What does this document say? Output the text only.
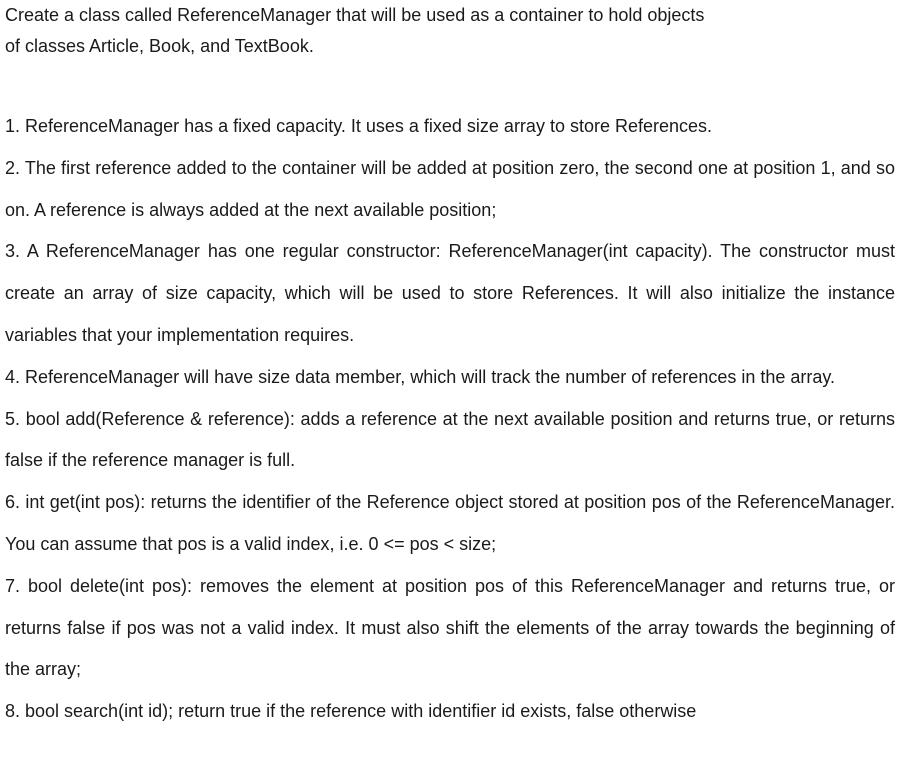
Create a class called ReferenceManager that will be used as a container to hold objects

of classes Article, Book, and TextBook.

1. ReferenceManager has a fixed capacity. It uses a fixed size array to store References.
2. The first reference added to the container will be added at position zero, the second one at position 1, and so on. A reference is always added at the next available position;
3. A ReferenceManager has one regular constructor: ReferenceManager(int capacity). The constructor must create an array of size capacity, which will be used to store References. It will also initialize the instance variables that your implementation requires.
4. ReferenceManager will have size data member, which will track the number of references in the array.
5. bool add(Reference & reference): adds a reference at the next available position and returns true, or returns false if the reference manager is full.
6. int get(int pos): returns the identifier of the Reference object stored at position pos of the ReferenceManager. You can assume that pos is a valid index, i.e. 0 <= pos < size;
7. bool delete(int pos): removes the element at position pos of this ReferenceManager and returns true, or returns false if pos was not a valid index. It must also shift the elements of the array towards the beginning of the array;
8. bool search(int id); return true if the reference with identifier id exists, false otherwise
